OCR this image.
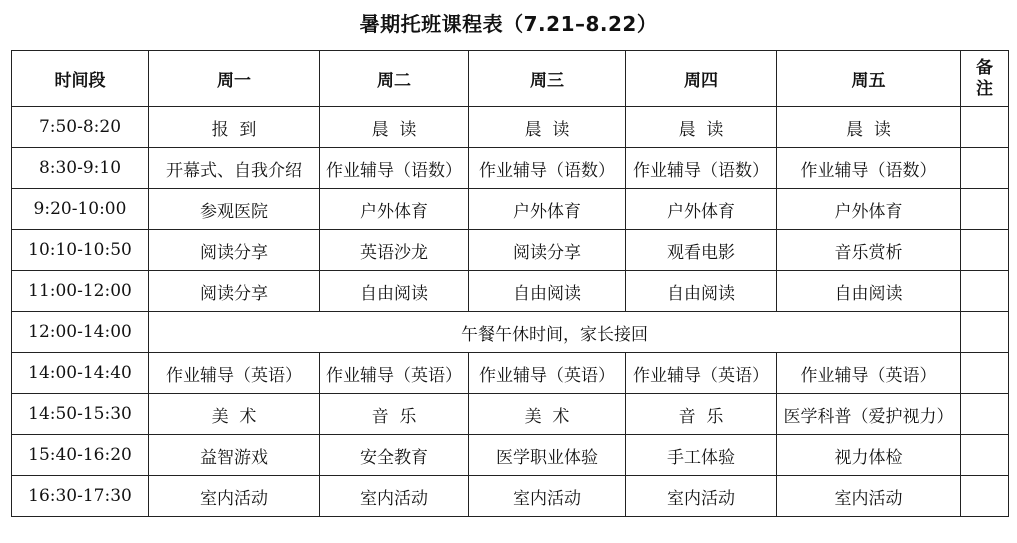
暑期托班课程表（7.21–8.22）
时间段	周一	周二	周三	周四	周五	备
注

7:50-8:20	报  到	晨  读	晨  读	晨  读	晨  读	
8:30-9:10	开幕式、自我介绍	作业辅导（语数）	作业辅导（语数）	作业辅导（语数）	作业辅导（语数）	
9:20-10:00	参观医院	户外体育	户外体育	户外体育	户外体育	
10:10-10:50	阅读分享	英语沙龙	阅读分享	观看电影	音乐赏析	
11:00-12:00	阅读分享	自由阅读	自由阅读	自由阅读	自由阅读	
12:00-14:00	午餐午休时间，家长接回					
14:00-14:40	作业辅导（英语）	作业辅导（英语）	作业辅导（英语）	作业辅导（英语）	作业辅导（英语）	
14:50-15:30	美  术	音  乐	美  术	音  乐	医学科普（爱护视力）	
15:40-16:20	益智游戏	安全教育	医学职业体验	手工体验	视力体检	
16:30-17:30	室内活动	室内活动	室内活动	室内活动	室内活动	
